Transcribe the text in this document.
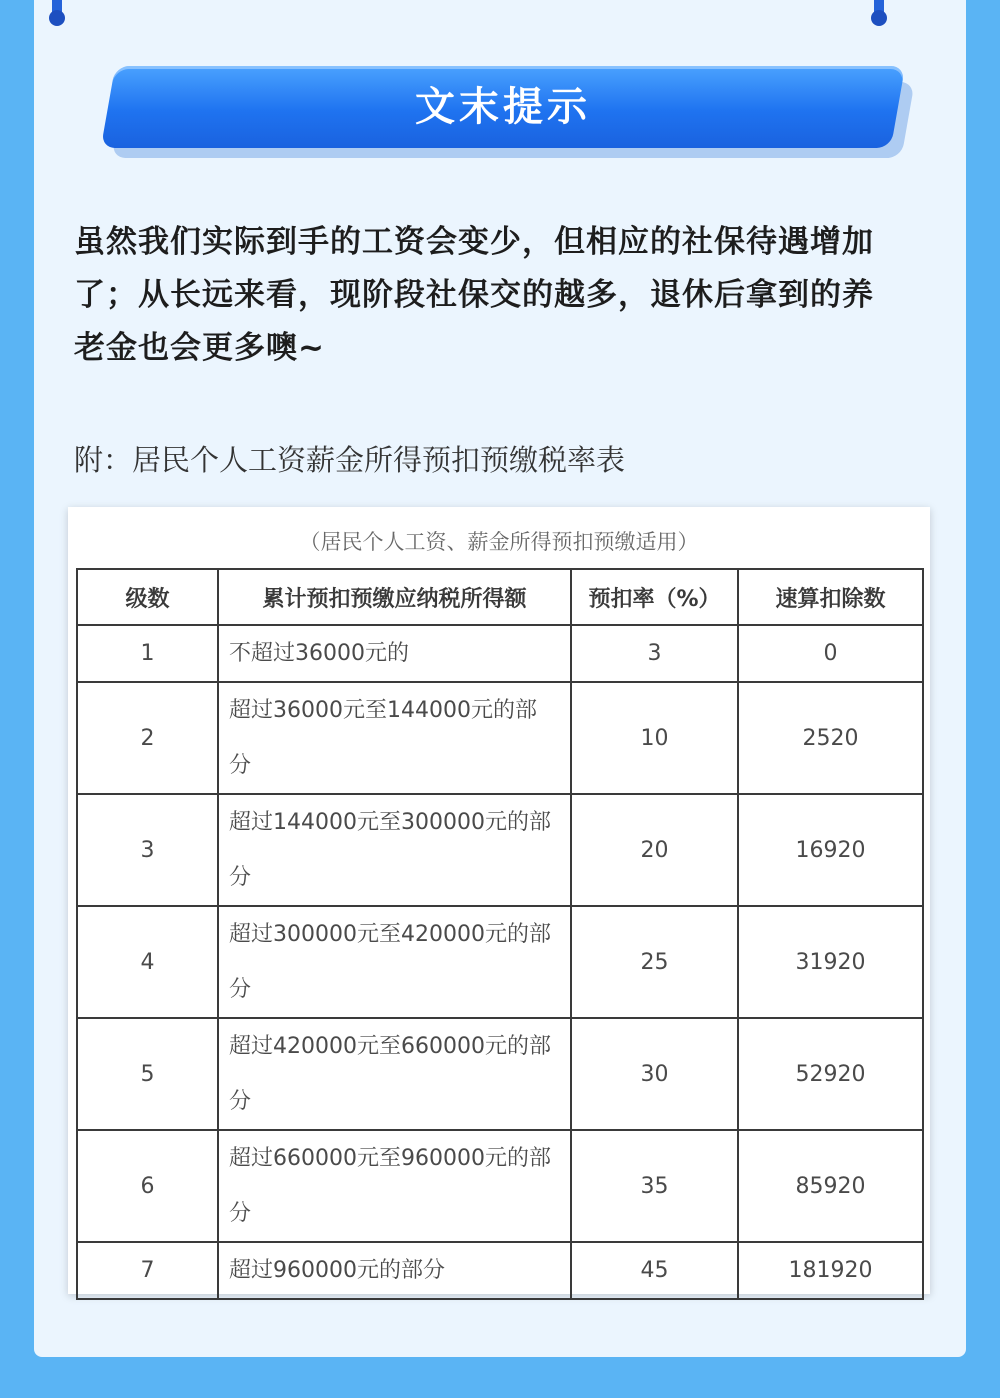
文末提示

虽然我们实际到手的工资会变少，但相应的社保待遇增加了；从长远来看，现阶段社保交的越多，退休后拿到的养老金也会更多噢~

附：居民个人工资薪金所得预扣预缴税率表

（居民个人工资、薪金所得预扣预缴适用）
级数	累计预扣预缴应纳税所得额	预扣率（%）	速算扣除数
1	不超过36000元的	3	0
2	超过36000元至144000元的部分	10	2520
3	超过144000元至300000元的部分	20	16920
4	超过300000元至420000元的部分	25	31920
5	超过420000元至660000元的部分	30	52920
6	超过660000元至960000元的部分	35	85920
7	超过960000元的部分	45	181920
